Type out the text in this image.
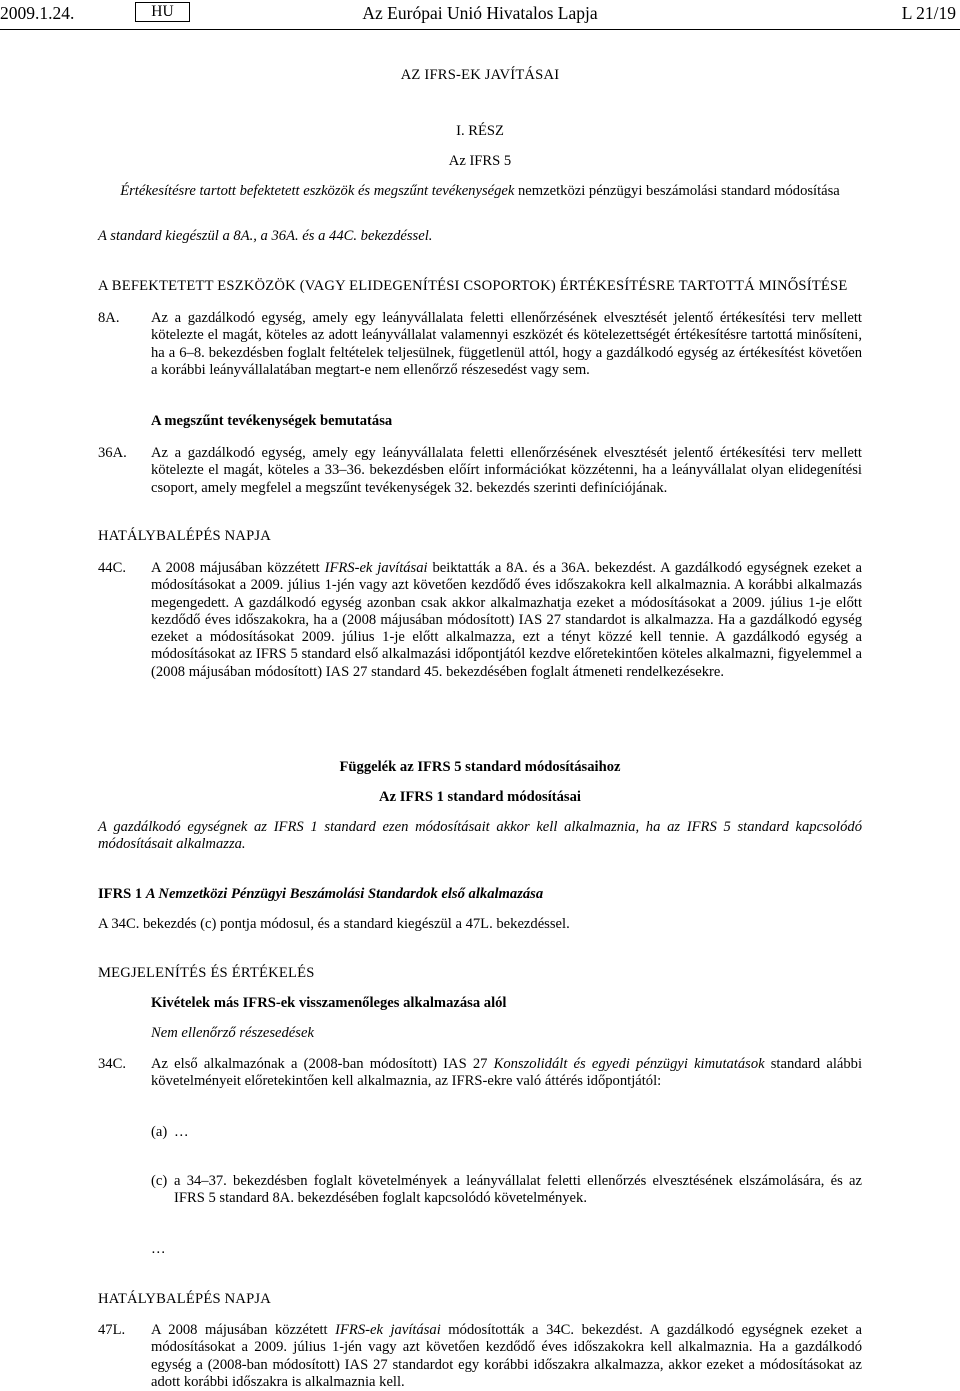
2009.1.24.	HU	Az Európai Unió Hivatalos Lapja	L 21/19

AZ IFRS-EK JAVÍTÁSAI

I. RÉSZ

Az IFRS 5

Értékesítésre tartott befektetett eszközök és megszűnt tevékenységek nemzetközi pénzügyi beszámolási standard módosítása

A standard kiegészül a 8A., a 36A. és a 44C. bekezdéssel.

A BEFEKTETETT ESZKÖZÖK (VAGY ELIDEGENÍTÉSI CSOPORTOK) ÉRTÉKESÍTÉSRE TARTOTTÁ MINŐSÍTÉSE

8A. Az a gazdálkodó egység, amely egy leányvállalata feletti ellenőrzésének elvesztését jelentő értékesítési terv mellett kötelezte el magát, köteles az adott leányvállalat valamennyi eszközét és kötelezettségét értékesítésre tartottá minősíteni, ha a 6–8. bekezdésben foglalt feltételek teljesülnek, függetlenül attól, hogy a gazdálkodó egység az értékesítést követően a korábbi leányvállalatában megtart-e nem ellenőrző részesedést vagy sem.

A megszűnt tevékenységek bemutatása

36A. Az a gazdálkodó egység, amely egy leányvállalata feletti ellenőrzésének elvesztését jelentő értékesítési terv mellett kötelezte el magát, köteles a 33–36. bekezdésben előírt információkat közzétenni, ha a leányvállalat olyan elidegenítési csoport, amely megfelel a megszűnt tevékenységek 32. bekezdés szerinti definíciójának.

HATÁLYBALÉPÉS NAPJA

44C. A 2008 májusában közzétett IFRS-ek javításai beiktatták a 8A. és a 36A. bekezdést. A gazdálkodó egységnek ezeket a módosításokat a 2009. július 1-jén vagy azt követően kezdődő éves időszakokra kell alkalmaznia. A korábbi alkalmazás megengedett. A gazdálkodó egység azonban csak akkor alkalmazhatja ezeket a módosításokat a 2009. július 1-je előtt kezdődő éves időszakokra, ha a (2008 májusában módosított) IAS 27 standardot is alkalmazza. Ha a gazdálkodó egység ezeket a módosításokat 2009. július 1-je előtt alkalmazza, ezt a tényt közzé kell tennie. A gazdálkodó egység a módosításokat az IFRS 5 standard első alkalmazási időpontjától kezdve előretekintően köteles alkalmazni, figyelemmel a (2008 májusában módosított) IAS 27 standard 45. bekezdésében foglalt átmeneti rendelkezésekre.

Függelék az IFRS 5 standard módosításaihoz

Az IFRS 1 standard módosításai

A gazdálkodó egységnek az IFRS 1 standard ezen módosításait akkor kell alkalmaznia, ha az IFRS 5 standard kapcsolódó módosításait alkalmazza.

IFRS 1 A Nemzetközi Pénzügyi Beszámolási Standardok első alkalmazása

A 34C. bekezdés (c) pontja módosul, és a standard kiegészül a 47L. bekezdéssel.

MEGJELENÍTÉS ÉS ÉRTÉKELÉS

Kivételek más IFRS-ek visszamenőleges alkalmazása alól

Nem ellenőrző részesedések

34C. Az első alkalmazónak a (2008-ban módosított) IAS 27 Konszolidált és egyedi pénzügyi kimutatások standard alábbi követelményeit előretekintően kell alkalmaznia, az IFRS-ekre való áttérés időpontjától:

(a) …
(c) a 34–37. bekezdésben foglalt követelmények a leányvállalat feletti ellenőrzés elvesztésének elszámolására, és az IFRS 5 standard 8A. bekezdésében foglalt kapcsolódó követelmények.

…

HATÁLYBALÉPÉS NAPJA

47L. A 2008 májusában közzétett IFRS-ek javításai módosították a 34C. bekezdést. A gazdálkodó egységnek ezeket a módosításokat a 2009. július 1-jén vagy azt követően kezdődő éves időszakokra kell alkalmaznia. Ha a gazdálkodó egység a (2008-ban módosított) IAS 27 standardot egy korábbi időszakra alkalmazza, akkor ezeket a módosításokat az adott korábbi időszakra is alkalmaznia kell.
